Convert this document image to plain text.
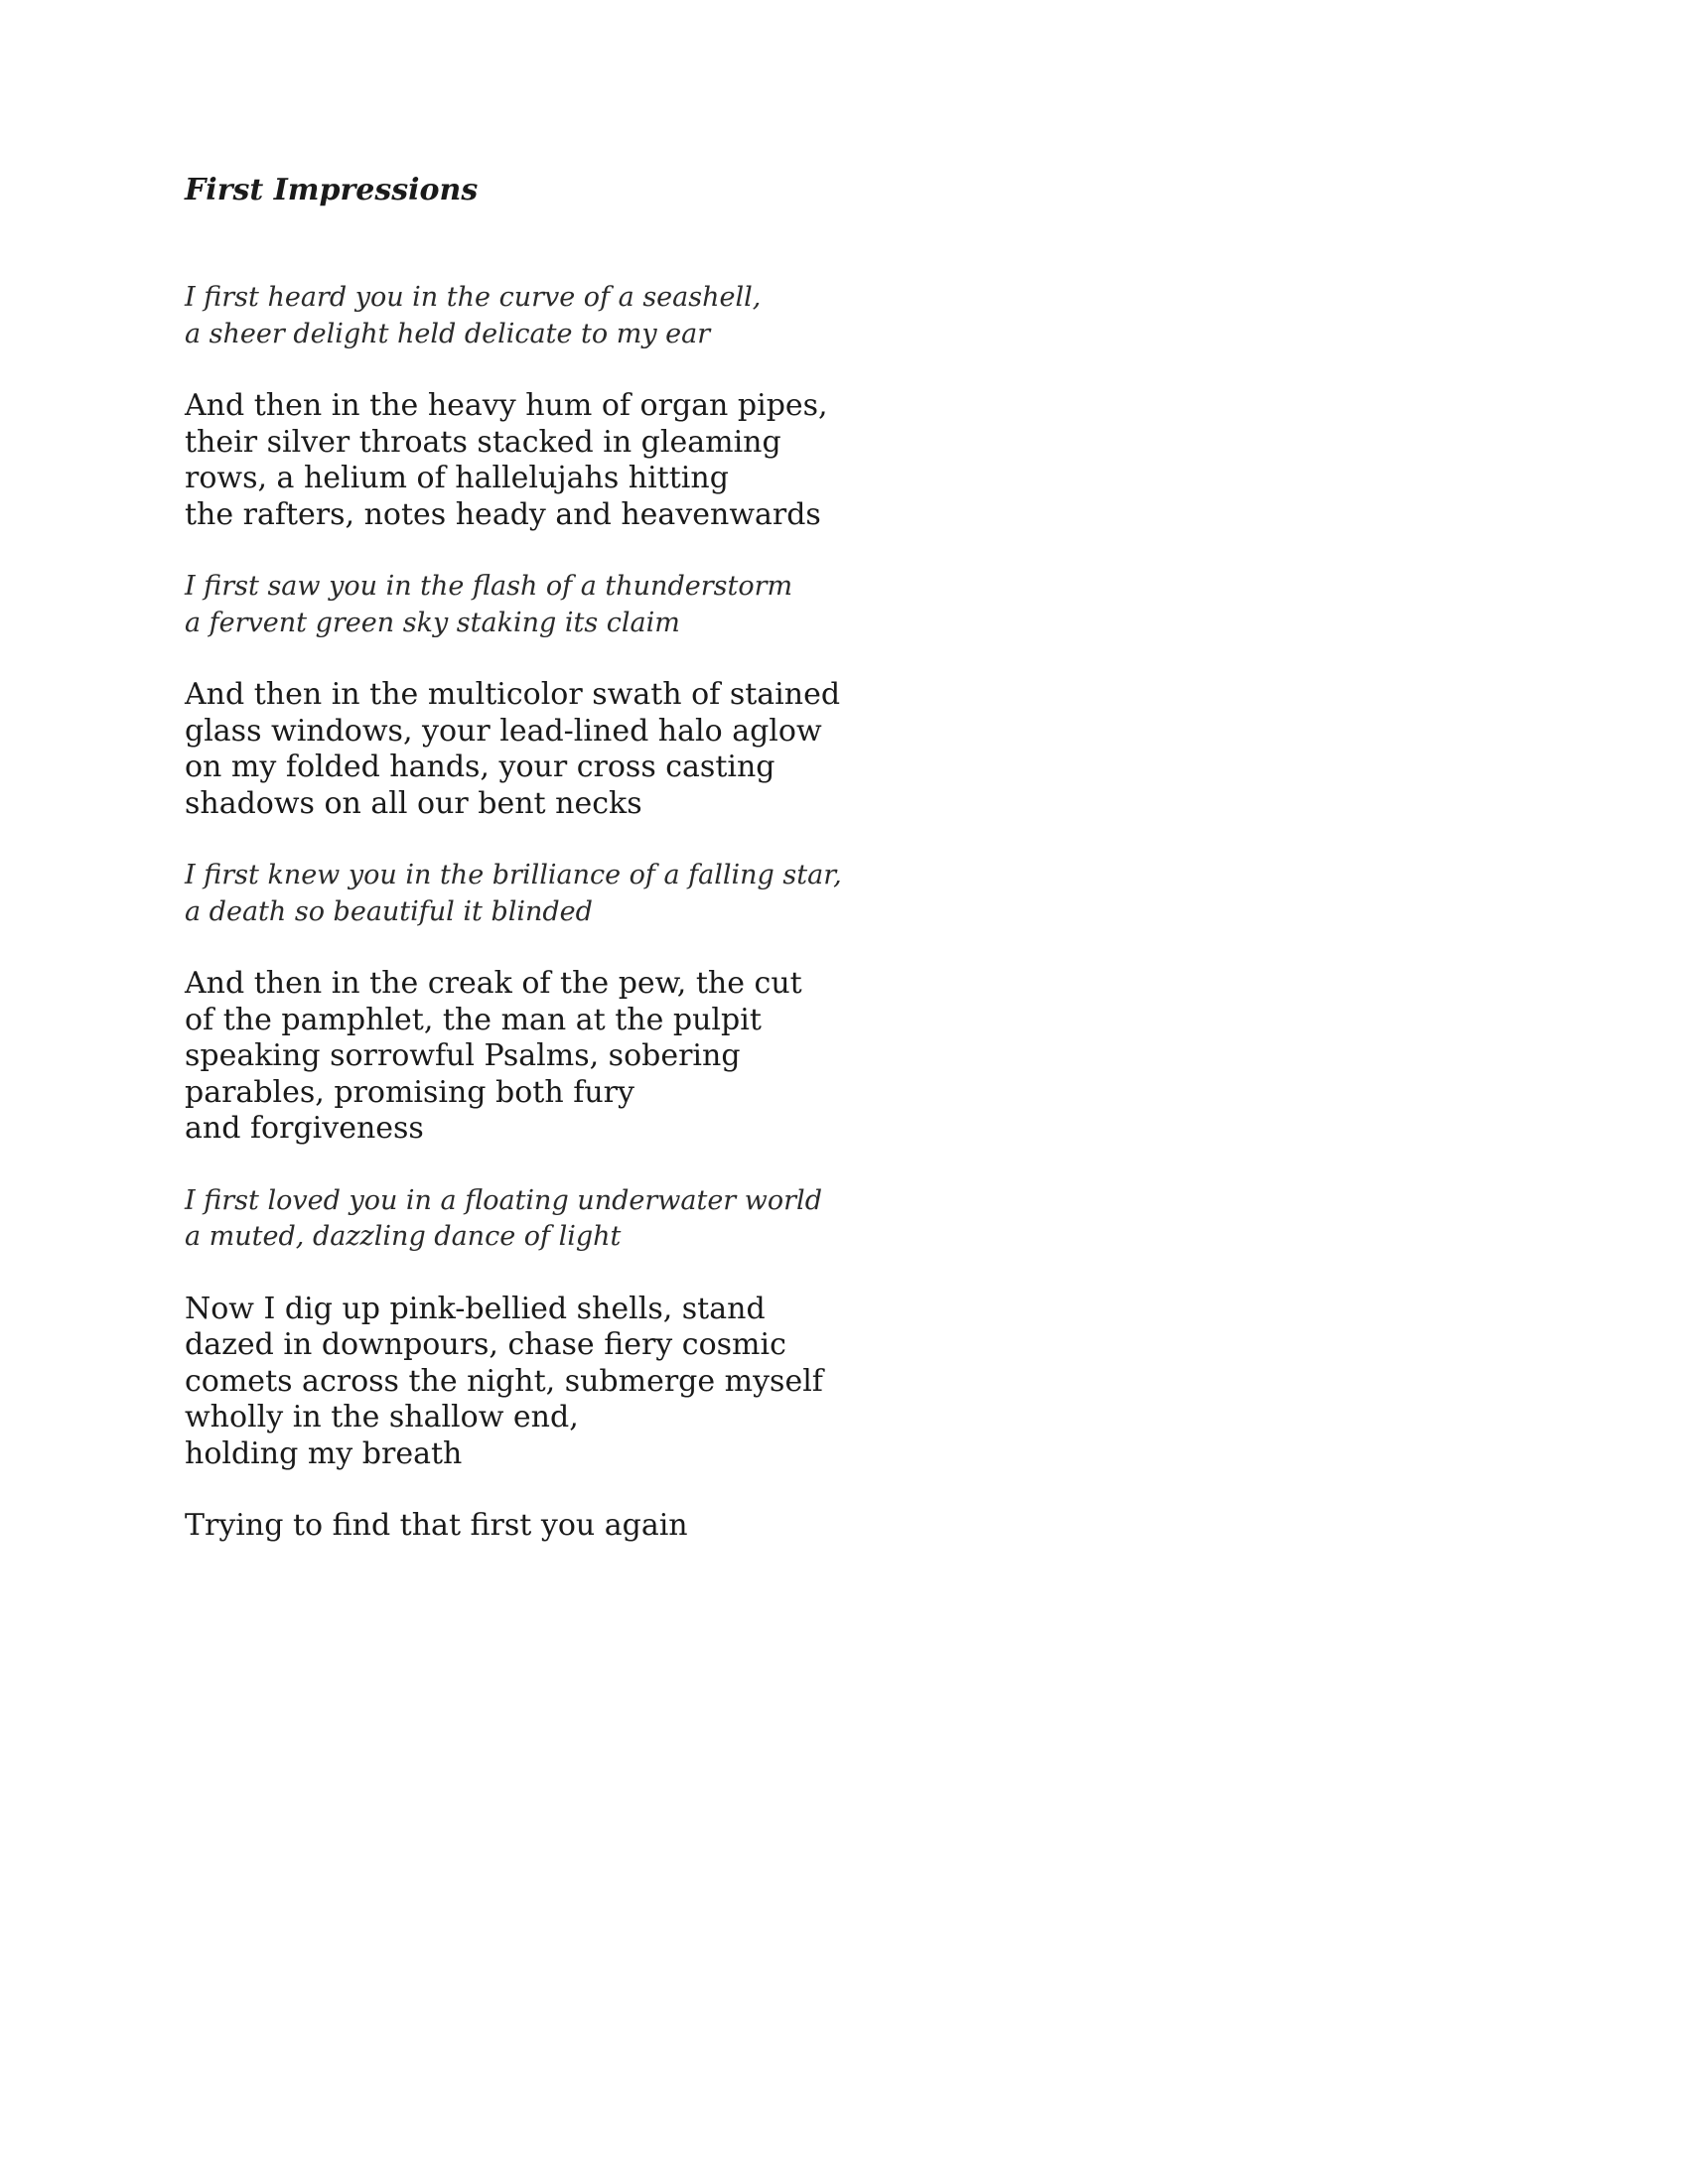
First Impressions
I first heard you in the curve of a seashell,
a sheer delight held delicate to my ear
And then in the heavy hum of organ pipes,
their silver throats stacked in gleaming
rows, a helium of hallelujahs hitting
the rafters, notes heady and heavenwards
I first saw you in the flash of a thunderstorm
a fervent green sky staking its claim
And then in the multicolor swath of stained
glass windows, your lead-lined halo aglow
on my folded hands, your cross casting
shadows on all our bent necks
I first knew you in the brilliance of a falling star,
a death so beautiful it blinded
And then in the creak of the pew, the cut
of the pamphlet, the man at the pulpit
speaking sorrowful Psalms, sobering
parables, promising both fury
and forgiveness
I first loved you in a floating underwater world
a muted, dazzling dance of light
Now I dig up pink-bellied shells, stand
dazed in downpours, chase fiery cosmic
comets across the night, submerge myself
wholly in the shallow end,
holding my breath
Trying to find that first you again
